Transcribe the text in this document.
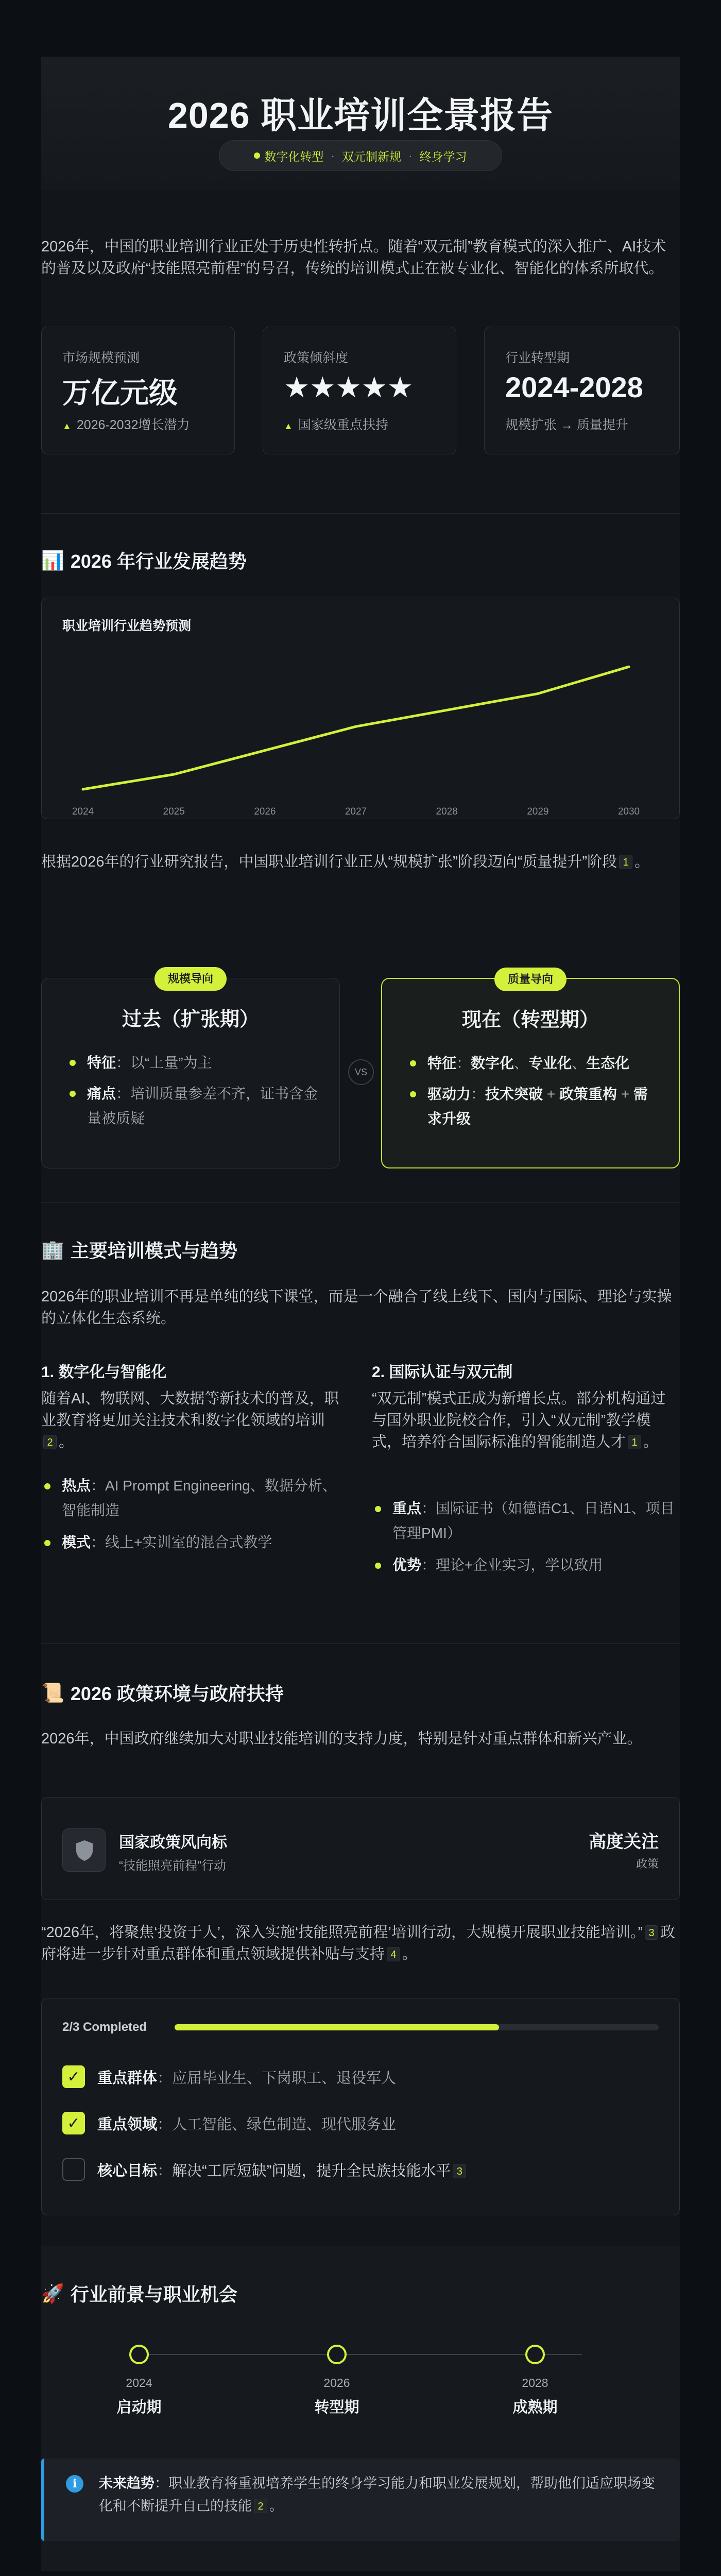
2026 职业培训全景报告
数字化转型 · 双元制新规 · 终身学习
2026年，中国的职业培训行业正处于历史性转折点。随着“双元制”教育模式的深入推广、AI技术的普及以及政府“技能照亮前程”的号召，传统的培训模式正在被专业化、智能化的体系所取代。
市场规模预测
万亿元级
▲ 2026-2032增长潜力
政策倾斜度
★★★★★
▲ 国家级重点扶持
行业转型期
2024-2028
规模扩张 → 质量提升
📊 2026 年行业发展趋势
职业培训行业趋势预测
2024	2025	2026	2027	2028	2029	2030
根据2026年的行业研究报告，中国职业培训行业正从“规模扩张”阶段迈向“质量提升”阶段 1 。
规模导向
过去（扩张期）
特征：以“上量”为主
痛点：培训质量参差不齐，证书含金量被质疑
VS
质量导向
现在（转型期）
特征：数字化、专业化、生态化
驱动力：技术突破 + 政策重构 + 需求升级
🏢 主要培训模式与趋势
2026年的职业培训不再是单纯的线下课堂，而是一个融合了线上线下、国内与国际、理论与实操的立体化生态系统。
1. 数字化与智能化
随着AI、物联网、大数据等新技术的普及，职业教育将更加关注技术和数字化领域的培训2 。
热点：AI Prompt Engineering、数据分析、智能制造
模式：线上+实训室的混合式教学
2. 国际认证与双元制
“双元制”模式正成为新增长点。部分机构通过与国外职业院校合作，引入“双元制”教学模式，培养符合国际标准的智能制造人才 1 。
重点：国际证书（如德语C1、日语N1、项目管理PMI）
优势：理论+企业实习，学以致用
📜 2026 政策环境与政府扶持
2026年，中国政府继续加大对职业技能培训的支持力度，特别是针对重点群体和新兴产业。
国家政策风向标
“技能照亮前程”行动
高度关注
政策
“2026年，将聚焦‘投资于人’，深入实施‘技能照亮前程’培训行动，大规模开展职业技能培训。” 3 政府将进一步针对重点群体和重点领域提供补贴与支持 4 。
2/3 Completed
✓	重点群体：应届毕业生、下岗职工、退役军人
✓	重点领域：人工智能、绿色制造、现代服务业
核心目标：解决“工匠短缺”问题，提升全民族技能水平 3
🚀 行业前景与职业机会
2024
启动期
2026
转型期
2028
成熟期
i	未来趋势：职业教育将重视培养学生的终身学习能力和职业发展规划，帮助他们适应职场变化和不断提升自己的技能 2 。
